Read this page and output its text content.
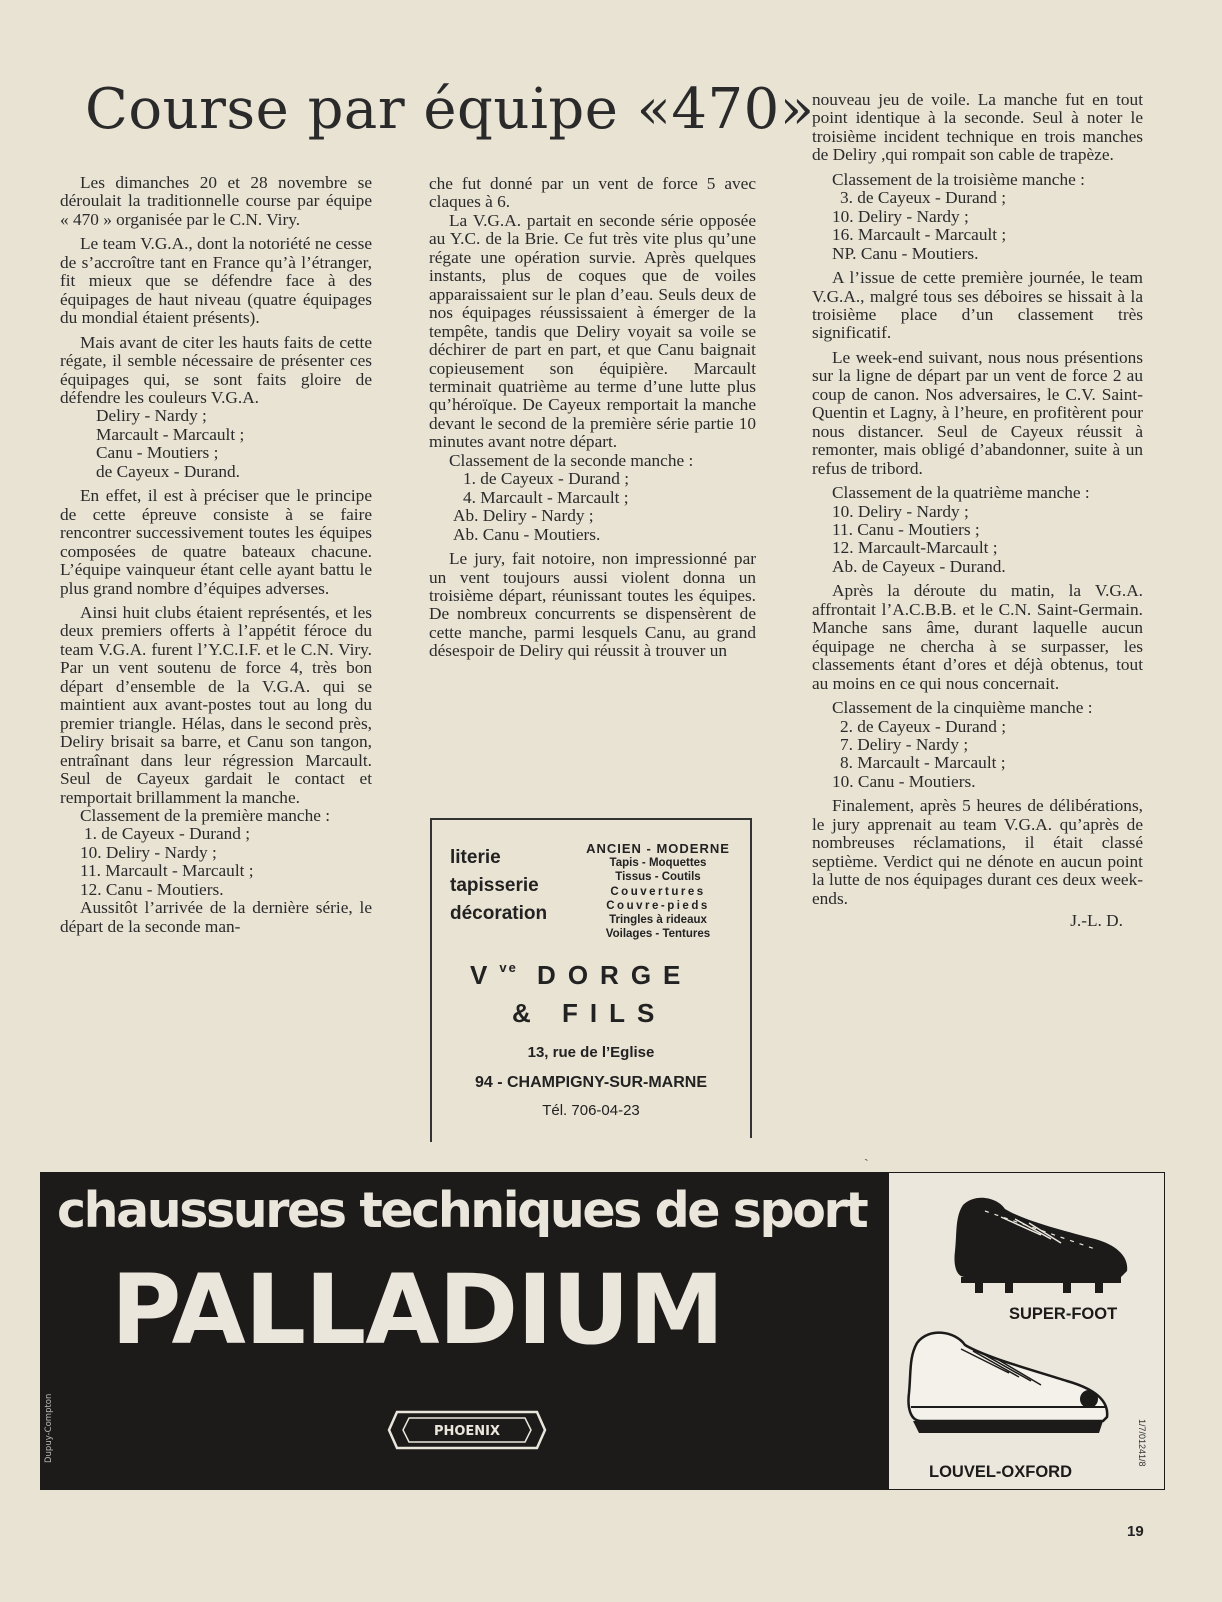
Course par équipe «470»

Les dimanches 20 et 28 novembre se déroulait la traditionnelle course par équipe « 470 » organisée par le C.N. Viry.

Le team V.G.A., dont la notoriété ne cesse de s’accroître tant en France qu’à l’étranger, fit mieux que se défendre face à des équipages de haut niveau (quatre équipages du mondial étaient présents).

Mais avant de citer les hauts faits de cette régate, il semble nécessaire de présenter ces équipages qui, se sont faits gloire de défendre les couleurs V.G.A.

Deliry - Nardy ;
Marcault - Marcault ;
Canu - Moutiers ;
de Cayeux - Durand.

En effet, il est à préciser que le principe de cette épreuve consiste à se faire rencontrer successivement toutes les équipes composées de quatre bateaux chacune. L’équipe vainqueur étant celle ayant battu le plus grand nombre d’équipes adverses.

Ainsi huit clubs étaient représentés, et les deux premiers offerts à l’appétit féroce du team V.G.A. furent l’Y.C.I.F. et le C.N. Viry. Par un vent soutenu de force 4, très bon départ d’ensemble de la V.G.A. qui se maintient aux avant-postes tout au long du premier triangle. Hélas, dans le second près, Deliry brisait sa barre, et Canu son tangon, entraînant dans leur régression Marcault. Seul de Cayeux gardait le contact et remportait brillamment la manche.

Classement de la première manche :

1. de Cayeux - Durand ;
10. Deliry - Nardy ;
11. Marcault - Marcault ;
12. Canu - Moutiers.

Aussitôt l’arrivée de la dernière série, le départ de la seconde man-

che fut donné par un vent de force 5 avec claques à 6.

La V.G.A. partait en seconde série opposée au Y.C. de la Brie. Ce fut très vite plus qu’une régate une opération survie. Après quelques instants, plus de coques que de voiles apparaissaient sur le plan d’eau. Seuls deux de nos équipages réussissaient à émerger de la tempête, tandis que Deliry voyait sa voile se déchirer de part en part, et que Canu baignait copieusement son équipière. Marcault terminait quatrième au terme d’une lutte plus qu’héroïque. De Cayeux remportait la manche devant le second de la première série partie 10 minutes avant notre départ.

Classement de la seconde manche :

1. de Cayeux - Durand ;
4. Marcault - Marcault ;
Ab. Deliry - Nardy ;
Ab. Canu - Moutiers.

Le jury, fait notoire, non impressionné par un vent toujours aussi violent donna un troisième départ, réunissant toutes les équipes. De nombreux concurrents se dispensèrent de cette manche, parmi lesquels Canu, au grand désespoir de Deliry qui réussit à trouver un

nouveau jeu de voile. La manche fut en tout point identique à la seconde. Seul à noter le troisième incident technique en trois manches de Deliry ,qui rompait son cable de trapèze.

Classement de la troisième manche :

3. de Cayeux - Durand ;
10. Deliry - Nardy ;
16. Marcault - Marcault ;
NP. Canu - Moutiers.

A l’issue de cette première journée, le team V.G.A., malgré tous ses déboires se hissait à la troisième place d’un classement très significatif.

Le week-end suivant, nous nous présentions sur la ligne de départ par un vent de force 2 au coup de canon. Nos adversaires, le C.V. Saint-Quentin et Lagny, à l’heure, en profitèrent pour nous distancer. Seul de Cayeux réussit à remonter, mais obligé d’abandonner, suite à un refus de tribord.

Classement de la quatrième manche :

10. Deliry - Nardy ;
11. Canu - Moutiers ;
12. Marcault-Marcault ;
Ab. de Cayeux - Durand.

Après la déroute du matin, la V.G.A. affrontait l’A.C.B.B. et le C.N. Saint-Germain. Manche sans âme, durant laquelle aucun équipage ne chercha à se surpasser, les classements étant d’ores et déjà obtenus, tout au moins en ce qui nous concernait.

Classement de la cinquième manche :

2. de Cayeux - Durand ;
7. Deliry - Nardy ;
8. Marcault - Marcault ;
10. Canu - Moutiers.

Finalement, après 5 heures de délibérations, le jury apprenait au team V.G.A. qu’après de nombreuses réclamations, il était classé septième. Verdict qui ne dénote en aucun point la lutte de nos équipages durant ces deux week-ends.

J.-L. D.

ˏ
literie
tapisserie
décoration
ANCIEN - MODERNE
Tapis - Moquettes
Tissus - Coutils
Couvertures
Couvre-pieds
Tringles à rideaux
Voilages - Tentures
$V^{ve}$ DORGE
& FILS
13, rue de l’Eglise
94 - CHAMPIGNY-SUR-MARNE
Tél. 706-04-23
chaussures techniques de sport
PALLADIUM
Dupuy-Compton	PHOENIX
SUPER-FOOT
LOUVEL-OXFORD
1/7/01241/8
19
